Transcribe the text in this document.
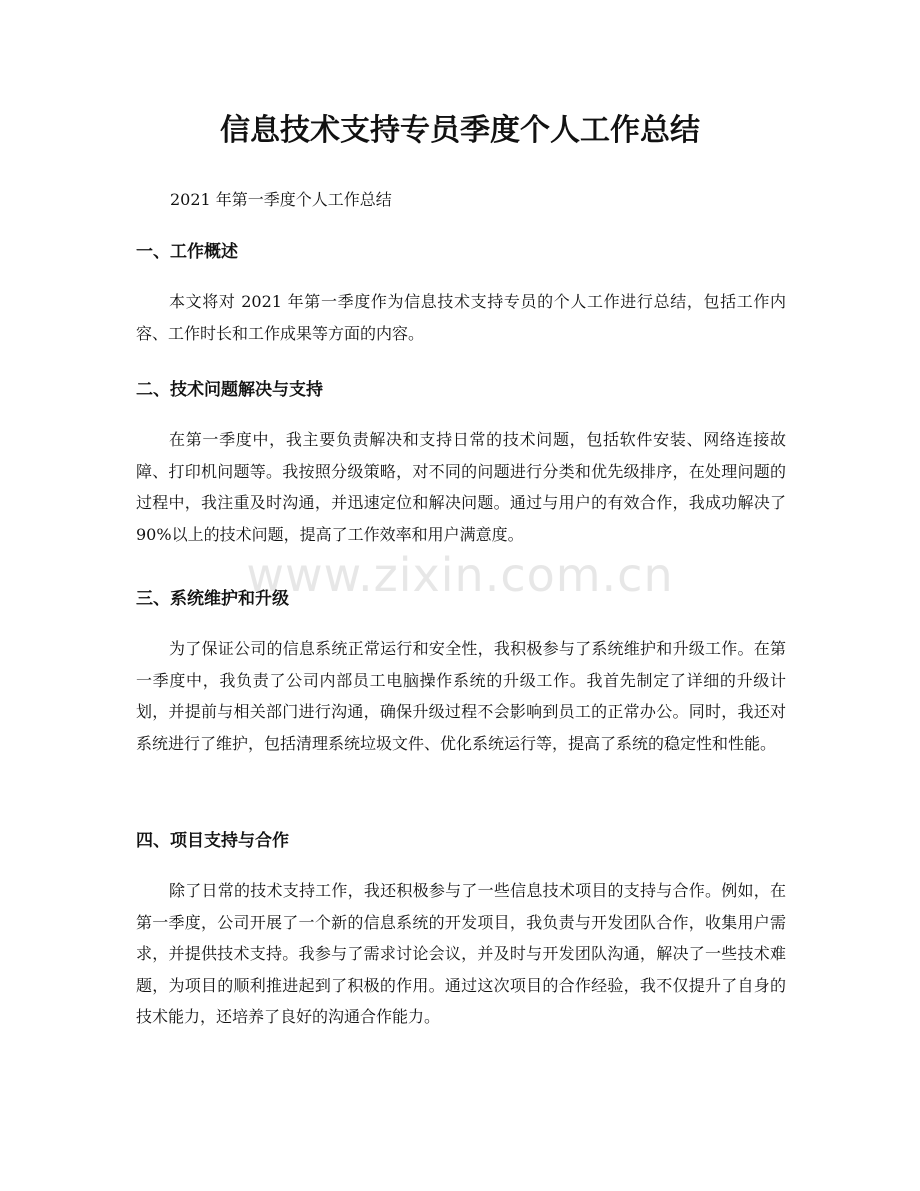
信息技术支持专员季度个人工作总结

2021 年第一季度个人工作总结

一、工作概述

本文将对 2021 年第一季度作为信息技术支持专员的个人工作进行总结，包括工作内容、工作时长和工作成果等方面的内容。

二、技术问题解决与支持

在第一季度中，我主要负责解决和支持日常的技术问题，包括软件安装、网络连接故障、打印机问题等。我按照分级策略，对不同的问题进行分类和优先级排序，在处理问题的过程中，我注重及时沟通，并迅速定位和解决问题。通过与用户的有效合作，我成功解决了 90%以上的技术问题，提高了工作效率和用户满意度。

三、系统维护和升级

为了保证公司的信息系统正常运行和安全性，我积极参与了系统维护和升级工作。在第一季度中，我负责了公司内部员工电脑操作系统的升级工作。我首先制定了详细的升级计划，并提前与相关部门进行沟通，确保升级过程不会影响到员工的正常办公。同时，我还对系统进行了维护，包括清理系统垃圾文件、优化系统运行等，提高了系统的稳定性和性能。

四、项目支持与合作

除了日常的技术支持工作，我还积极参与了一些信息技术项目的支持与合作。例如，在第一季度，公司开展了一个新的信息系统的开发项目，我负责与开发团队合作，收集用户需求，并提供技术支持。我参与了需求讨论会议，并及时与开发团队沟通，解决了一些技术难题，为项目的顺利推进起到了积极的作用。通过这次项目的合作经验，我不仅提升了自身的技术能力，还培养了良好的沟通合作能力。

www.zixin.com.cn
